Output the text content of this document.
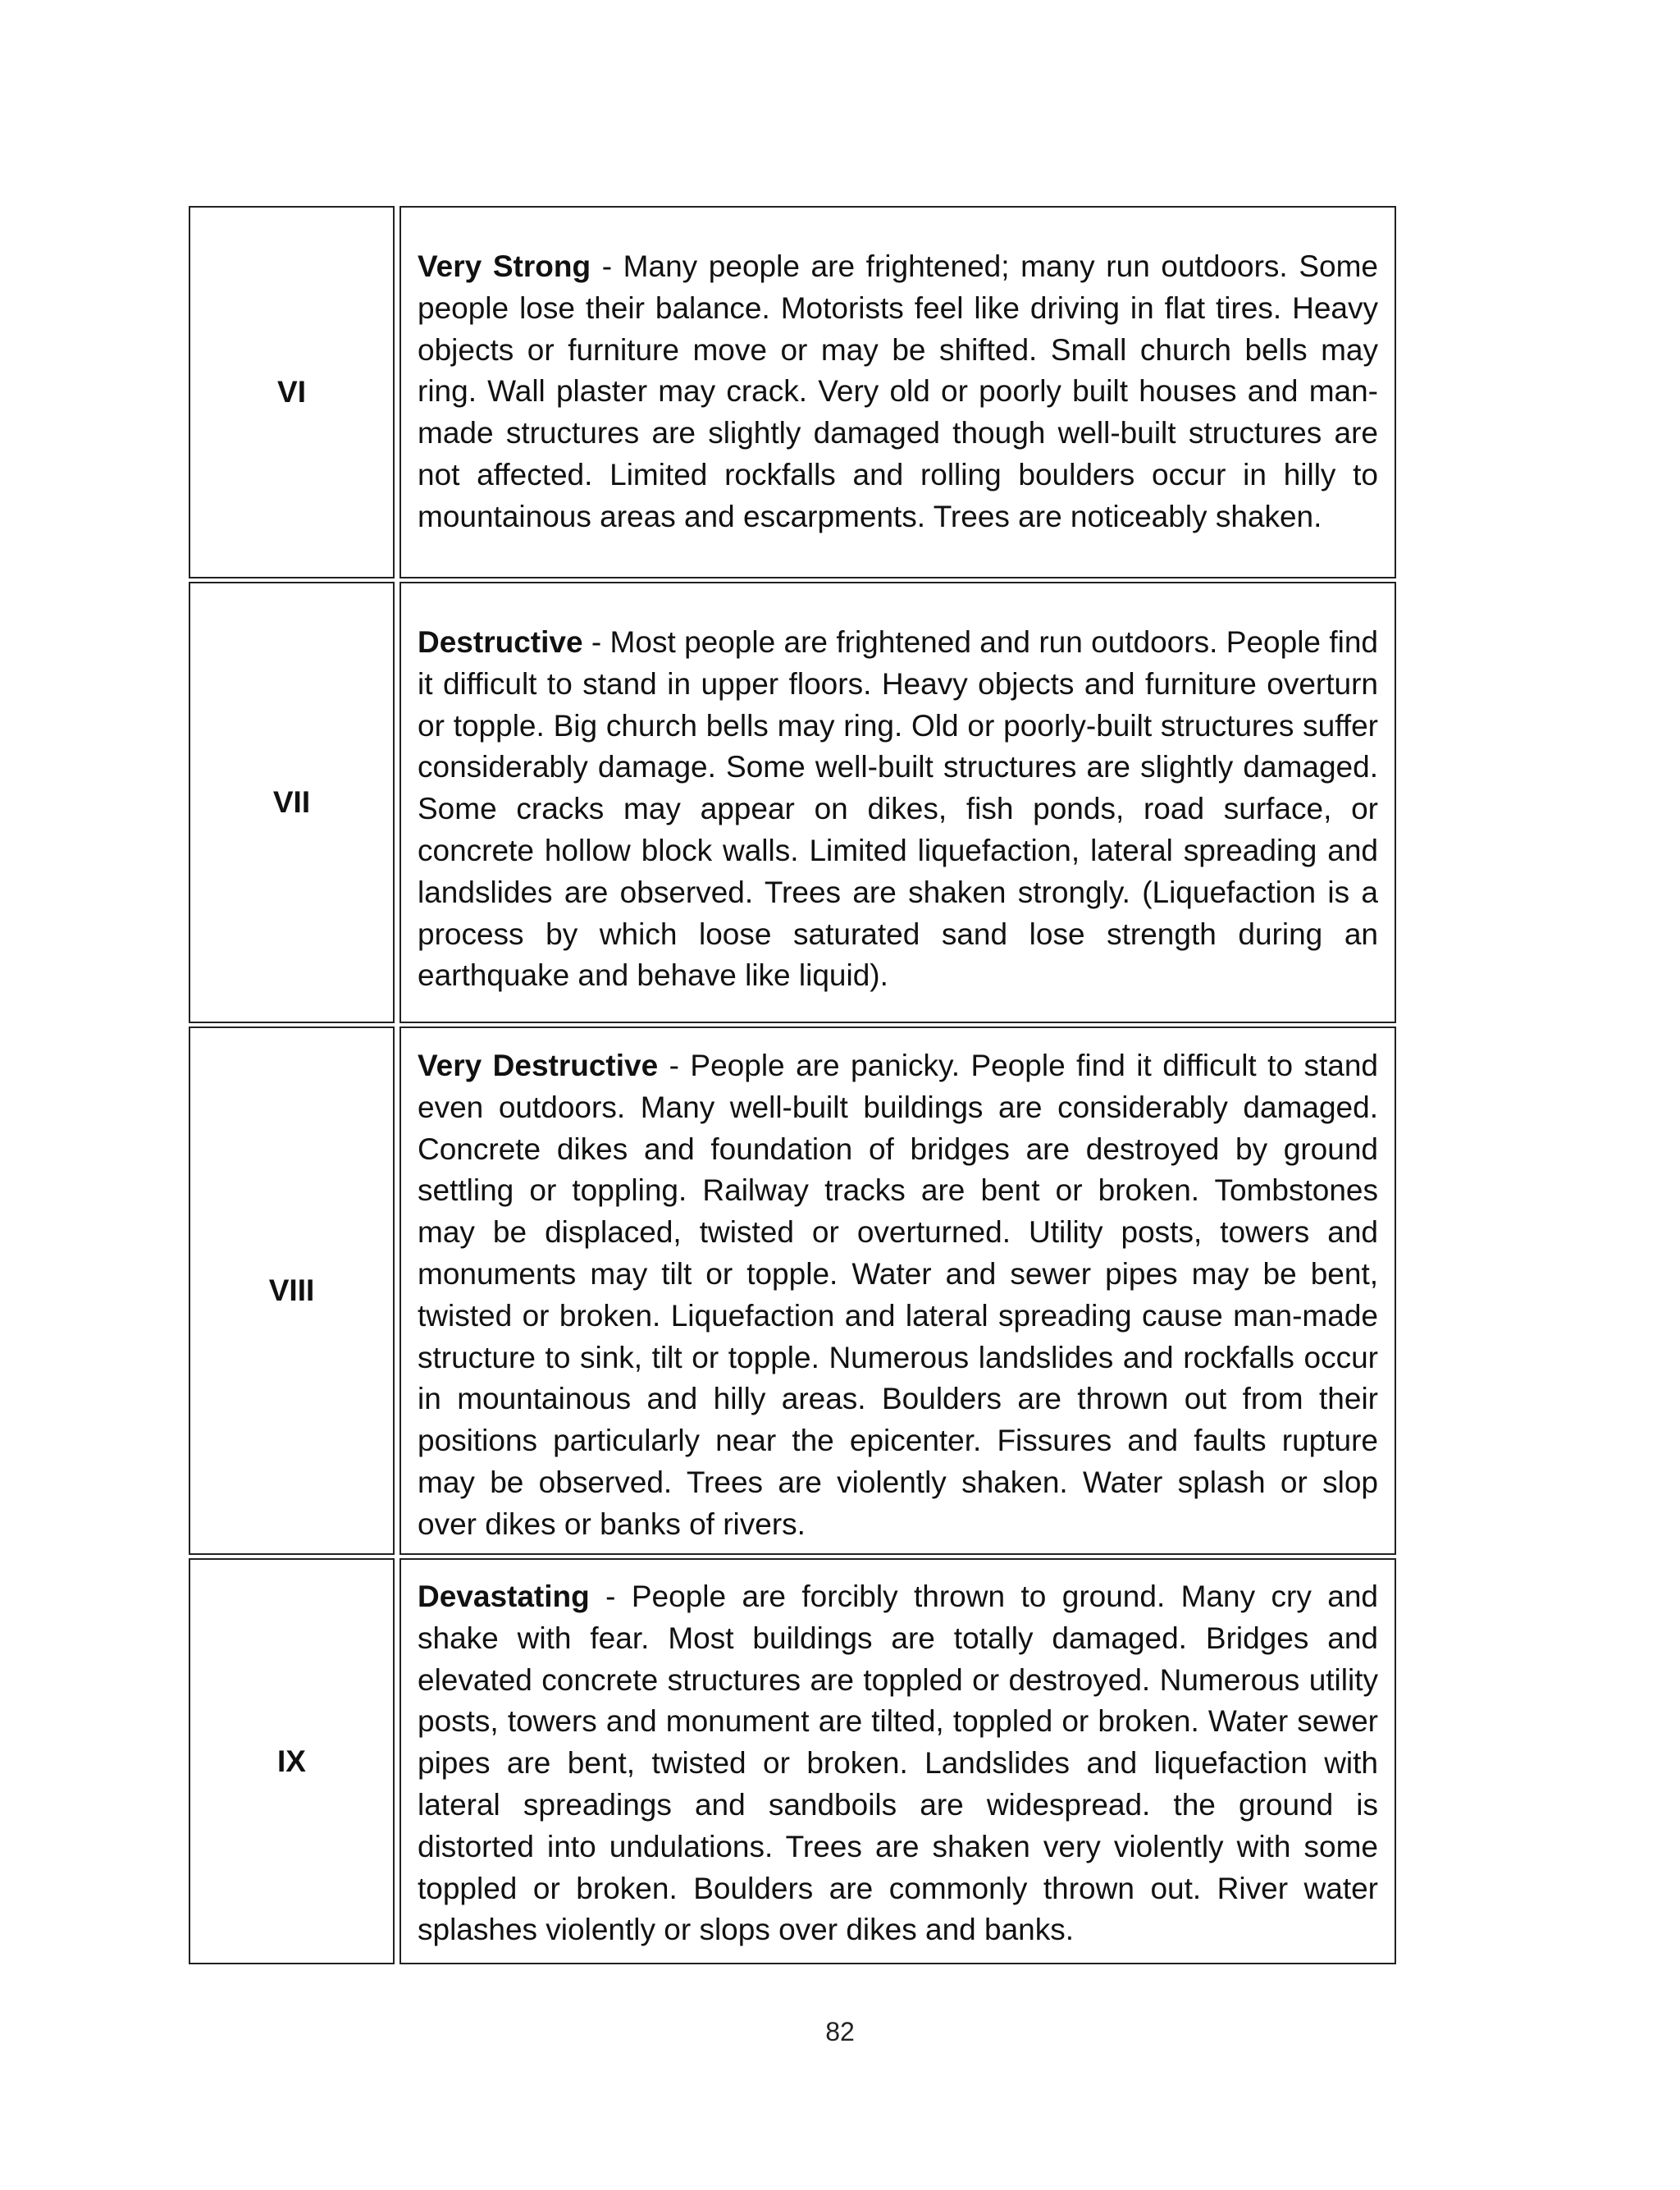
VI

Very Strong - Many people are frightened; many run outdoors. Some people lose their balance. Motorists feel like driving in flat tires. Heavy objects or furniture move or may be shifted. Small church bells may ring. Wall plaster may crack. Very old or poorly built houses and man-made structures are slightly damaged though well-built structures are not affected. Limited rockfalls and rolling boulders occur in hilly to mountainous areas and escarpments. Trees are noticeably shaken.

VII

Destructive - Most people are frightened and run outdoors. People find it difficult to stand in upper floors. Heavy objects and furniture overturn or topple. Big church bells may ring. Old or poorly-built structures suffer considerably damage. Some well-built structures are slightly damaged. Some cracks may appear on dikes, fish ponds, road surface, or concrete hollow block walls. Limited liquefaction, lateral spreading and landslides are observed. Trees are shaken strongly. (Liquefaction is a process by which loose saturated sand lose strength during an earthquake and behave like liquid).

VIII

Very Destructive - People are panicky. People find it difficult to stand even outdoors. Many well-built buildings are considerably damaged. Concrete dikes and foundation of bridges are destroyed by ground settling or toppling. Railway tracks are bent or broken. Tombstones may be displaced, twisted or overturned. Utility posts, towers and monuments may tilt or topple. Water and sewer pipes may be bent, twisted or broken. Liquefaction and lateral spreading cause man-made structure to sink, tilt or topple. Numerous landslides and rockfalls occur in mountainous and hilly areas. Boulders are thrown out from their positions particularly near the epicenter. Fissures and faults rupture may be observed. Trees are violently shaken. Water splash or slop over dikes or banks of rivers.

IX

Devastating - People are forcibly thrown to ground. Many cry and shake with fear. Most buildings are totally damaged. Bridges and elevated concrete structures are toppled or destroyed. Numerous utility posts, towers and monument are tilted, toppled or broken. Water sewer pipes are bent, twisted or broken. Landslides and liquefaction with lateral spreadings and sandboils are widespread. the ground is distorted into undulations. Trees are shaken very violently with some toppled or broken. Boulders are commonly thrown out. River water splashes violently or slops over dikes and banks.

82
